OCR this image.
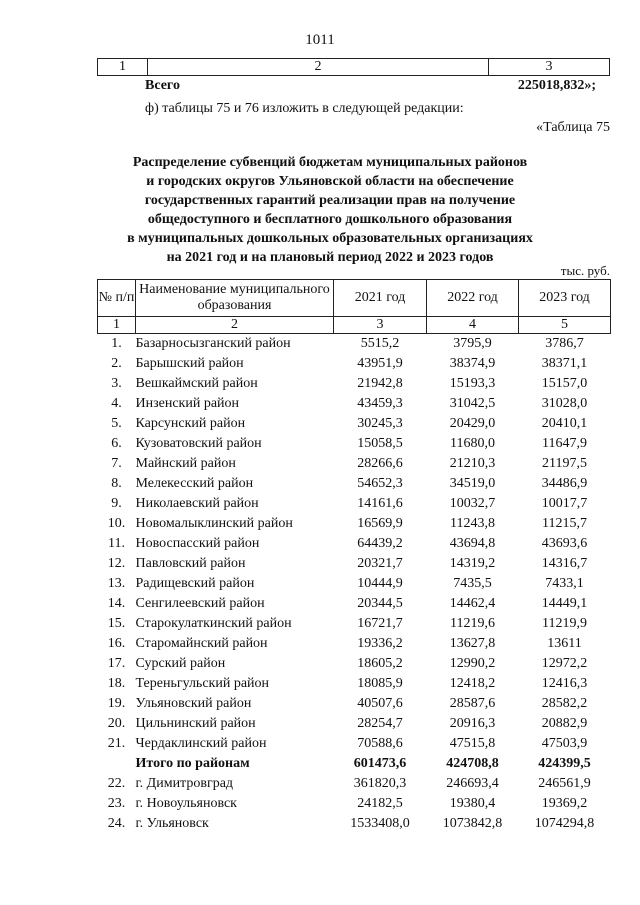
1011
1	2	3
Всего	225018,832»;
ф) таблицы 75 и 76 изложить в следующей редакции:
«Таблица 75
Распределение субвенций бюджетам муниципальных районов
и городских округов Ульяновской области на обеспечение
государственных гарантий реализации прав на получение
общедоступного и бесплатного дошкольного образования
в муниципальных дошкольных образовательных организациях
на 2021 год и на плановый период 2022 и 2023 годов
тыс. руб.
№ п/п	Наименование муниципального образования	2021 год	2022 год	2023 год
1	2	3	4	5
1.	Базарносызганский район	5515,2	3795,9	3786,7
2.	Барышский район	43951,9	38374,9	38371,1
3.	Вешкаймский район	21942,8	15193,3	15157,0
4.	Инзенский район	43459,3	31042,5	31028,0
5.	Карсунский район	30245,3	20429,0	20410,1
6.	Кузоватовский район	15058,5	11680,0	11647,9
7.	Майнский район	28266,6	21210,3	21197,5
8.	Мелекесский район	54652,3	34519,0	34486,9
9.	Николаевский район	14161,6	10032,7	10017,7
10.	Новомалыклинский район	16569,9	11243,8	11215,7
11.	Новоспасский район	64439,2	43694,8	43693,6
12.	Павловский район	20321,7	14319,2	14316,7
13.	Радищевский район	10444,9	7435,5	7433,1
14.	Сенгилеевский район	20344,5	14462,4	14449,1
15.	Старокулаткинский район	16721,7	11219,6	11219,9
16.	Старомайнский район	19336,2	13627,8	13611
17.	Сурский район	18605,2	12990,2	12972,2
18.	Тереньгульский район	18085,9	12418,2	12416,3
19.	Ульяновский район	40507,6	28587,6	28582,2
20.	Цильнинский район	28254,7	20916,3	20882,9
21.	Чердаклинский район	70588,6	47515,8	47503,9
	Итого по районам	601473,6	424708,8	424399,5
22.	г. Димитровград	361820,3	246693,4	246561,9
23.	г. Новоульяновск	24182,5	19380,4	19369,2
24.	г. Ульяновск	1533408,0	1073842,8	1074294,8
